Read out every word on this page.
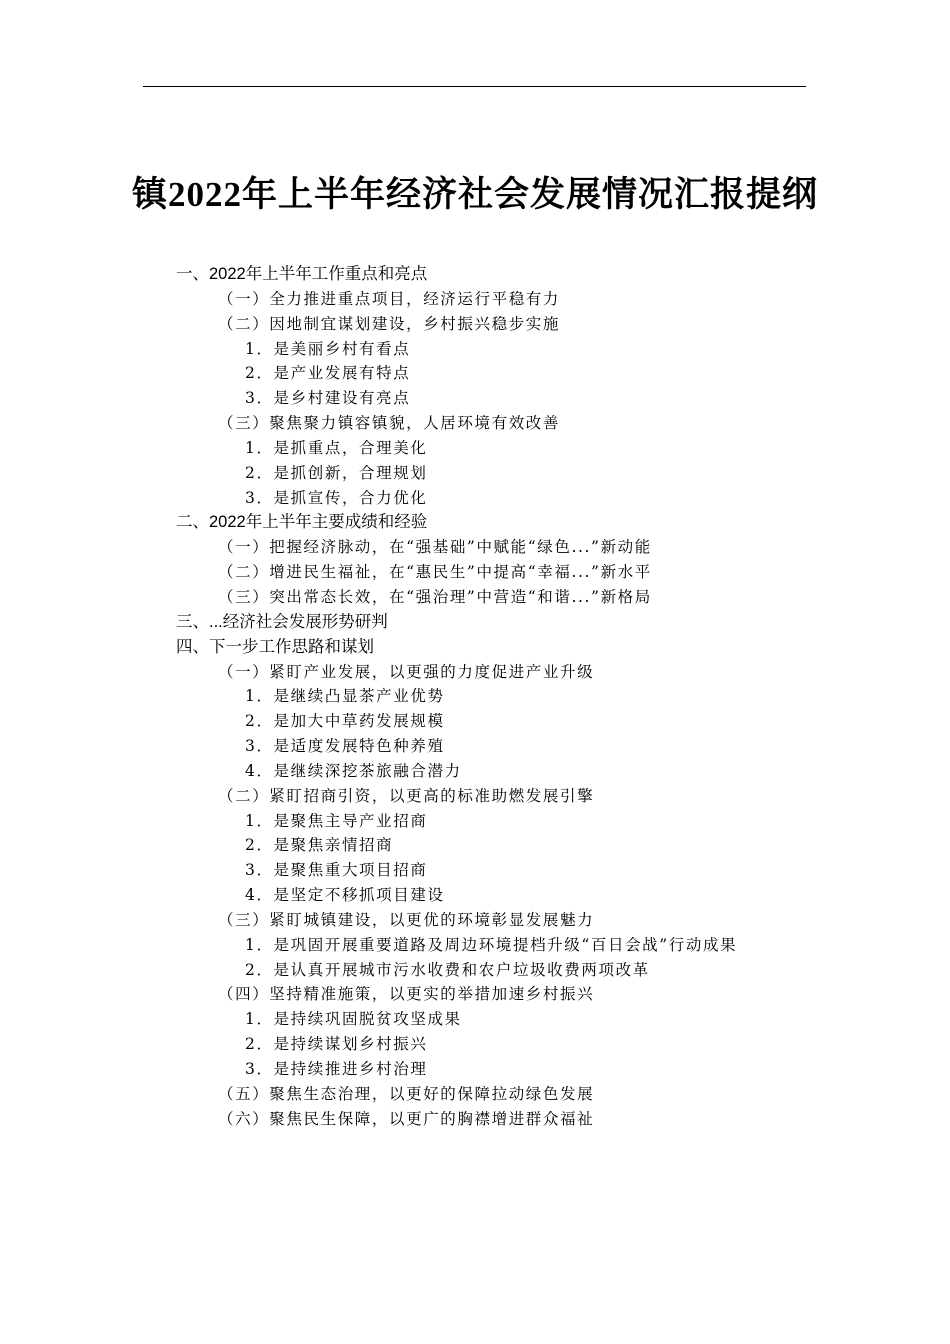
镇2022年上半年经济社会发展情况汇报提纲
一、2022年上半年工作重点和亮点
（一）全力推进重点项目，经济运行平稳有力
（二）因地制宜谋划建设，乡村振兴稳步实施
1．是美丽乡村有看点
2．是产业发展有特点
3．是乡村建设有亮点
（三）聚焦聚力镇容镇貌，人居环境有效改善
1．是抓重点，合理美化
2．是抓创新，合理规划
3．是抓宣传，合力优化
二、2022年上半年主要成绩和经验
（一）把握经济脉动，在“强基础”中赋能“绿色...”新动能
（二）增进民生福祉，在“惠民生”中提高“幸福...”新水平
（三）突出常态长效，在“强治理”中营造“和谐...”新格局
三、...经济社会发展形势研判
四、下一步工作思路和谋划
（一）紧盯产业发展，以更强的力度促进产业升级
1．是继续凸显茶产业优势
2．是加大中草药发展规模
3．是适度发展特色种养殖
4．是继续深挖茶旅融合潜力
（二）紧盯招商引资，以更高的标准助燃发展引擎
1．是聚焦主导产业招商
2．是聚焦亲情招商
3．是聚焦重大项目招商
4．是坚定不移抓项目建设
（三）紧盯城镇建设，以更优的环境彰显发展魅力
1．是巩固开展重要道路及周边环境提档升级“百日会战”行动成果
2．是认真开展城市污水收费和农户垃圾收费两项改革
（四）坚持精准施策，以更实的举措加速乡村振兴
1．是持续巩固脱贫攻坚成果
2．是持续谋划乡村振兴
3．是持续推进乡村治理
（五）聚焦生态治理，以更好的保障拉动绿色发展
（六）聚焦民生保障，以更广的胸襟增进群众福祉
